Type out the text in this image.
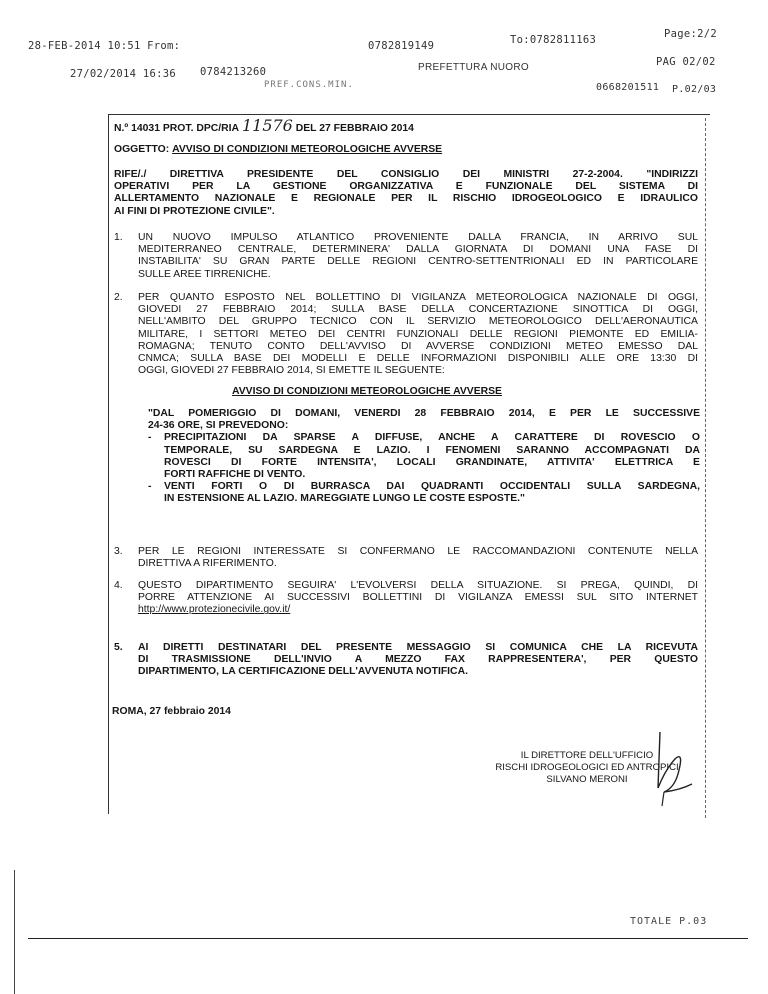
28-FEB-2014 10:51 From:	0782819149	To:0782811163	Page:2/2
27/02/2014 16:36 0784213260
PREF.CONS.MIN.
PREFETTURA NUORO	PAG 02/02
0668201511 P.02/03
N.º 14031 PROT. DPC/RIA 11576 DEL 27 FEBBRAIO 2014
OGGETTO: AVVISO DI CONDIZIONI METEOROLOGICHE AVVERSE
RIFE/./ DIRETTIVA PRESIDENTE DEL CONSIGLIO DEI MINISTRI 27-2-2004. "INDIRIZZI
OPERATIVI PER LA GESTIONE ORGANIZZATIVA E FUNZIONALE DEL SISTEMA DI
ALLERTAMENTO NAZIONALE E REGIONALE PER IL RISCHIO IDROGEOLOGICO E IDRAULICO
AI FINI DI PROTEZIONE CIVILE".
1. UN NUOVO IMPULSO ATLANTICO PROVENIENTE DALLA FRANCIA, IN ARRIVO SUL
MEDITERRANEO CENTRALE, DETERMINERA' DALLA GIORNATA DI DOMANI UNA FASE DI
INSTABILITA' SU GRAN PARTE DELLE REGIONI CENTRO-SETTENTRIONALI ED IN PARTICOLARE
SULLE AREE TIRRENICHE.
2. PER QUANTO ESPOSTO NEL BOLLETTINO DI VIGILANZA METEOROLOGICA NAZIONALE DI OGGI,
GIOVEDI 27 FEBBRAIO 2014; SULLA BASE DELLA CONCERTAZIONE SINOTTICA DI OGGI,
NELL'AMBITO DEL GRUPPO TECNICO CON IL SERVIZIO METEOROLOGICO DELL'AERONAUTICA
MILITARE, I SETTORI METEO DEI CENTRI FUNZIONALI DELLE REGIONI PIEMONTE ED EMILIA-
ROMAGNA; TENUTO CONTO DELL'AVVISO DI AVVERSE CONDIZIONI METEO EMESSO DAL
CNMCA; SULLA BASE DEI MODELLI E DELLE INFORMAZIONI DISPONIBILI ALLE ORE 13:30 DI
OGGI, GIOVEDI 27 FEBBRAIO 2014, SI EMETTE IL SEGUENTE:
AVVISO DI CONDIZIONI METEOROLOGICHE AVVERSE
"DAL POMERIGGIO DI DOMANI, VENERDI 28 FEBBRAIO 2014, E PER LE SUCCESSIVE
24-36 ORE, SI PREVEDONO:
- PRECIPITAZIONI DA SPARSE A DIFFUSE, ANCHE A CARATTERE DI ROVESCIO O
TEMPORALE, SU SARDEGNA E LAZIO. I FENOMENI SARANNO ACCOMPAGNATI DA
ROVESCI DI FORTE INTENSITA', LOCALI GRANDINATE, ATTIVITA' ELETTRICA E
FORTI RAFFICHE DI VENTO.
- VENTI FORTI O DI BURRASCA DAI QUADRANTI OCCIDENTALI SULLA SARDEGNA,
IN ESTENSIONE AL LAZIO. MAREGGIATE LUNGO LE COSTE ESPOSTE."
3. PER LE REGIONI INTERESSATE SI CONFERMANO LE RACCOMANDAZIONI CONTENUTE NELLA
DIRETTIVA A RIFERIMENTO.
4. QUESTO DIPARTIMENTO SEGUIRA' L'EVOLVERSI DELLA SITUAZIONE. SI PREGA, QUINDI, DI
PORRE ATTENZIONE AI SUCCESSIVI BOLLETTINI DI VIGILANZA EMESSI SUL SITO INTERNET
http://www.protezionecivile.gov.it/
5. AI DIRETTI DESTINATARI DEL PRESENTE MESSAGGIO SI COMUNICA CHE LA RICEVUTA
DI TRASMISSIONE DELL'INVIO A MEZZO FAX RAPPRESENTERA', PER QUESTO
DIPARTIMENTO, LA CERTIFICAZIONE DELL'AVVENUTA NOTIFICA.
ROMA, 27 febbraio 2014
IL DIRETTORE DELL'UFFICIO
RISCHI IDROGEOLOGICI ED ANTROPICI
SILVANO MERONI
TOTALE P.03
